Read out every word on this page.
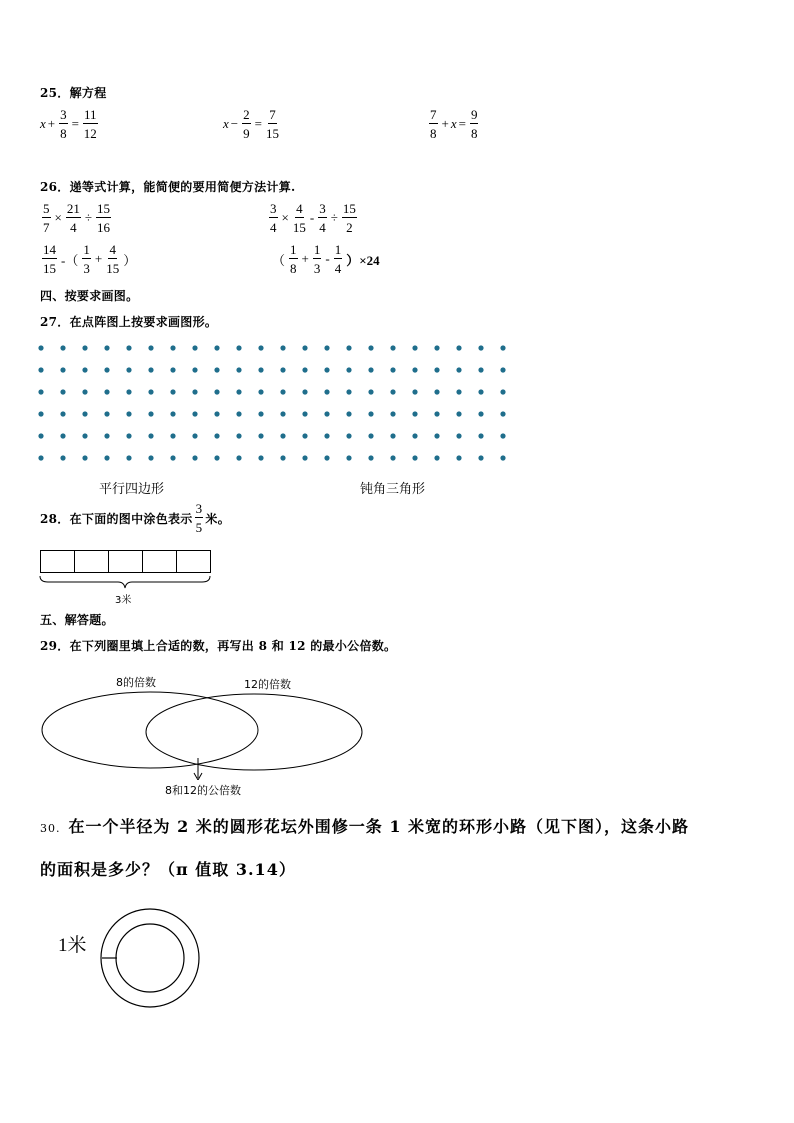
25．解方程
$x + \frac{3}{8} = \frac{11}{12}$	$x - \frac{2}{9} = \frac{7}{15}$	$\frac{7}{8} + x = \frac{9}{8}$
26．递等式计算，能简便的要用简便方法计算.
$\frac{5}{7} \times \frac{21}{4} \div \frac{15}{16}$	$\frac{3}{4} \times \frac{4}{15} - \frac{3}{4} \div \frac{15}{2}$
$\frac{14}{15}$ -（ $\frac{1}{3} + \frac{4}{15}$ ）	（ $\frac{1}{8} + \frac{1}{3} - \frac{1}{4} )\times 24$
四、按要求画图。
27．在点阵图上按要求画图形。
平行四边形	钝角三角形
28．在下面的图中涂色表示 $\frac{3}{5}$ 米。
3米
五、解答题。
29．在下列圈里填上合适的数，再写出 8 和 12 的最小公倍数。
8的倍数	12的倍数
8和12的公倍数
30. 在一个半径为 2 米的圆形花坛外围修一条 1 米宽的环形小路（见下图），这条小路
的面积是多少？（π 值取 3.14）
1米
